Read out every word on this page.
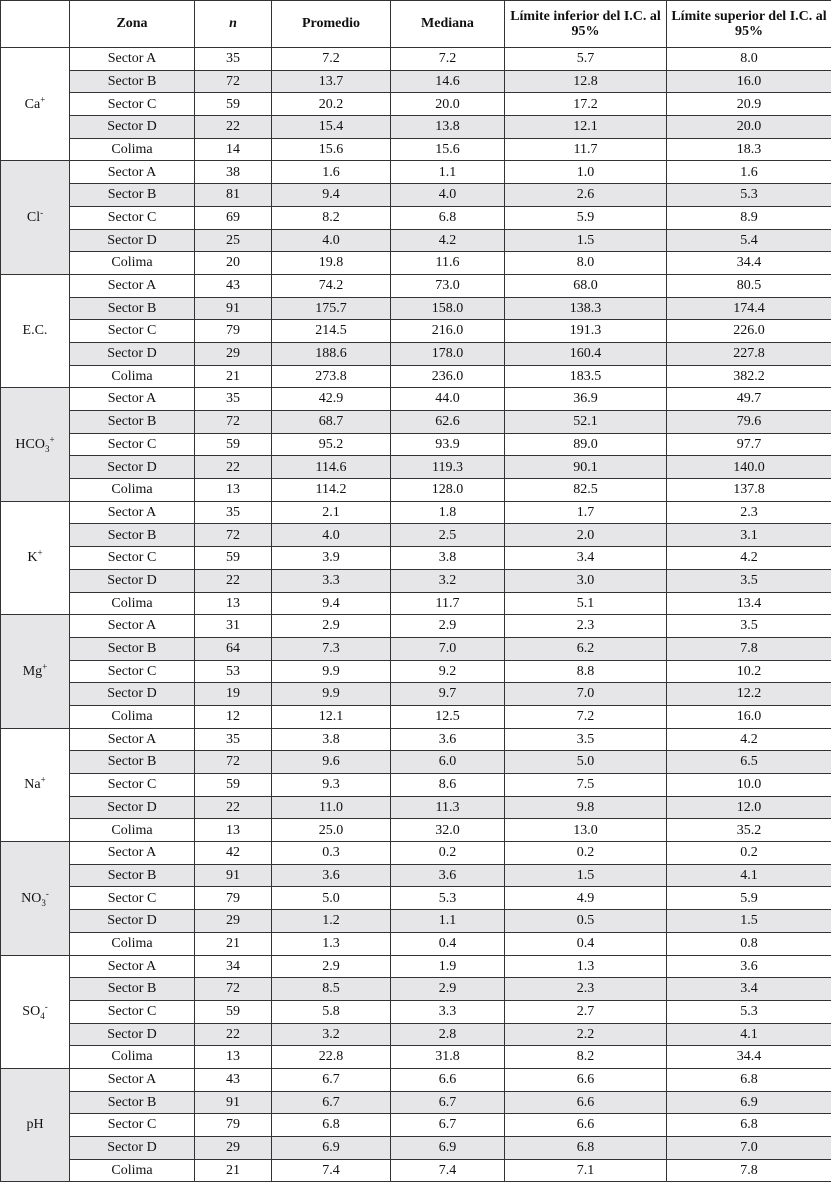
	Zona	n	Promedio	Mediana	Límite inferior del I.C. al 95%	Límite superior del I.C. al 95%
Ca+	Sector A	35	7.2	7.2	5.7	8.0
	Sector B	72	13.7	14.6	12.8	16.0
	Sector C	59	20.2	20.0	17.2	20.9
	Sector D	22	15.4	13.8	12.1	20.0
	Colima	14	15.6	15.6	11.7	18.3
Cl-	Sector A	38	1.6	1.1	1.0	1.6
	Sector B	81	9.4	4.0	2.6	5.3
	Sector C	69	8.2	6.8	5.9	8.9
	Sector D	25	4.0	4.2	1.5	5.4
	Colima	20	19.8	11.6	8.0	34.4
E.C.	Sector A	43	74.2	73.0	68.0	80.5
	Sector B	91	175.7	158.0	138.3	174.4
	Sector C	79	214.5	216.0	191.3	226.0
	Sector D	29	188.6	178.0	160.4	227.8
	Colima	21	273.8	236.0	183.5	382.2
$HCO_3^+$	Sector A	35	42.9	44.0	36.9	49.7
	Sector B	72	68.7	62.6	52.1	79.6
	Sector C	59	95.2	93.9	89.0	97.7
	Sector D	22	114.6	119.3	90.1	140.0
	Colima	13	114.2	128.0	82.5	137.8
K+	Sector A	35	2.1	1.8	1.7	2.3
	Sector B	72	4.0	2.5	2.0	3.1
	Sector C	59	3.9	3.8	3.4	4.2
	Sector D	22	3.3	3.2	3.0	3.5
	Colima	13	9.4	11.7	5.1	13.4
Mg+	Sector A	31	2.9	2.9	2.3	3.5
	Sector B	64	7.3	7.0	6.2	7.8
	Sector C	53	9.9	9.2	8.8	10.2
	Sector D	19	9.9	9.7	7.0	12.2
	Colima	12	12.1	12.5	7.2	16.0
Na+	Sector A	35	3.8	3.6	3.5	4.2
	Sector B	72	9.6	6.0	5.0	6.5
	Sector C	59	9.3	8.6	7.5	10.0
	Sector D	22	11.0	11.3	9.8	12.0
	Colima	13	25.0	32.0	13.0	35.2
$NO_3^-$	Sector A	42	0.3	0.2	0.2	0.2
	Sector B	91	3.6	3.6	1.5	4.1
	Sector C	79	5.0	5.3	4.9	5.9
	Sector D	29	1.2	1.1	0.5	1.5
	Colima	21	1.3	0.4	0.4	0.8
$SO_4^-$	Sector A	34	2.9	1.9	1.3	3.6
	Sector B	72	8.5	2.9	2.3	3.4
	Sector C	59	5.8	3.3	2.7	5.3
	Sector D	22	3.2	2.8	2.2	4.1
	Colima	13	22.8	31.8	8.2	34.4
pH	Sector A	43	6.7	6.6	6.6	6.8
	Sector B	91	6.7	6.7	6.6	6.9
	Sector C	79	6.8	6.7	6.6	6.8
	Sector D	29	6.9	6.9	6.8	7.0
	Colima	21	7.4	7.4	7.1	7.8
